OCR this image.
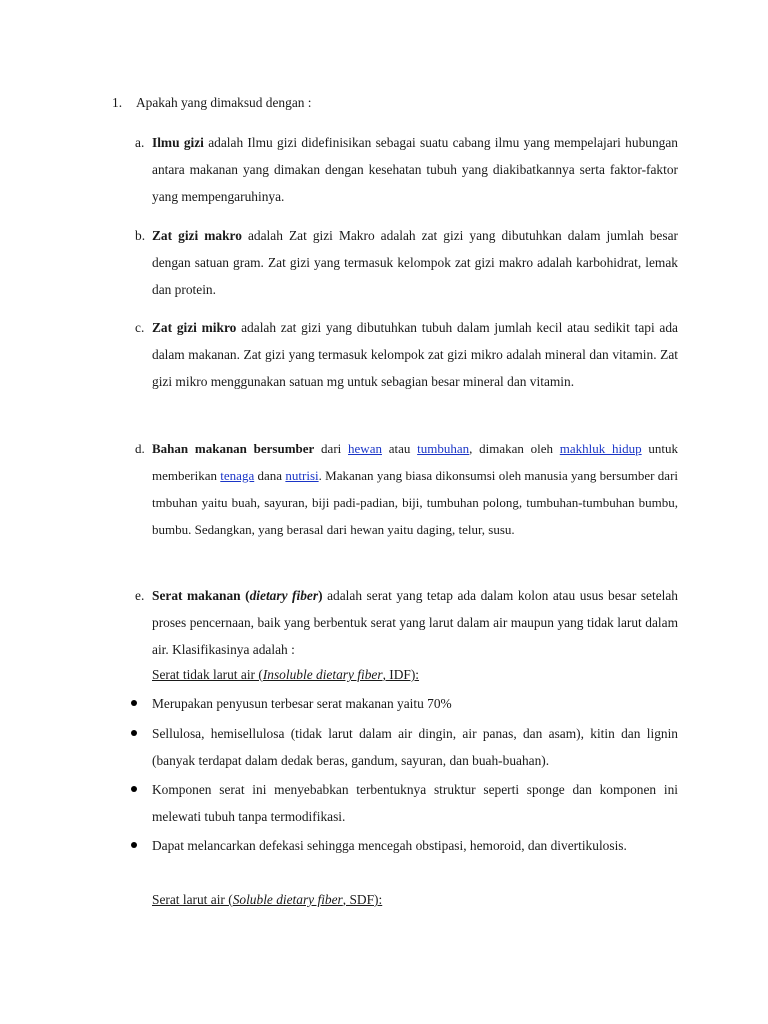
1. Apakah yang dimaksud dengan :
a. Ilmu gizi adalah Ilmu gizi didefinisikan sebagai suatu cabang ilmu yang mempelajari hubungan antara makanan yang dimakan dengan kesehatan tubuh yang diakibatkannya serta faktor-faktor yang mempengaruhinya.

b. Zat gizi makro adalah Zat gizi Makro adalah zat gizi yang dibutuhkan dalam jumlah besar dengan satuan gram. Zat gizi yang termasuk kelompok zat gizi makro adalah karbohidrat, lemak dan protein.

c. Zat gizi mikro adalah zat gizi yang dibutuhkan tubuh dalam jumlah kecil atau sedikit tapi ada dalam makanan. Zat gizi yang termasuk kelompok zat gizi mikro adalah mineral dan vitamin. Zat gizi mikro menggunakan satuan mg untuk sebagian besar mineral dan vitamin.

d. Bahan makanan bersumber dari hewan atau tumbuhan, dimakan oleh makhluk hidup untuk memberikan tenaga dana nutrisi. Makanan yang biasa dikonsumsi oleh manusia yang bersumber dari tmbuhan yaitu buah, sayuran, biji padi-padian, biji, tumbuhan polong, tumbuhan-tumbuhan bumbu, bumbu. Sedangkan, yang berasal dari hewan yaitu daging, telur, susu.

e. Serat makanan (dietary fiber) adalah serat yang tetap ada dalam kolon atau usus besar setelah proses pencernaan, baik yang berbentuk serat yang larut dalam air maupun yang tidak larut dalam air. Klasifikasinya adalah :

Serat tidak larut air (Insoluble dietary fiber, IDF):
Merupakan penyusun terbesar serat makanan yaitu 70%
Sellulosa, hemisellulosa (tidak larut dalam air dingin, air panas, dan asam), kitin dan lignin (banyak terdapat dalam dedak beras, gandum, sayuran, dan buah-buahan).
Komponen serat ini menyebabkan terbentuknya struktur seperti sponge dan komponen ini melewati tubuh tanpa termodifikasi.
Dapat melancarkan defekasi sehingga mencegah obstipasi, hemoroid, dan divertikulosis.
Serat larut air (Soluble dietary fiber, SDF):
